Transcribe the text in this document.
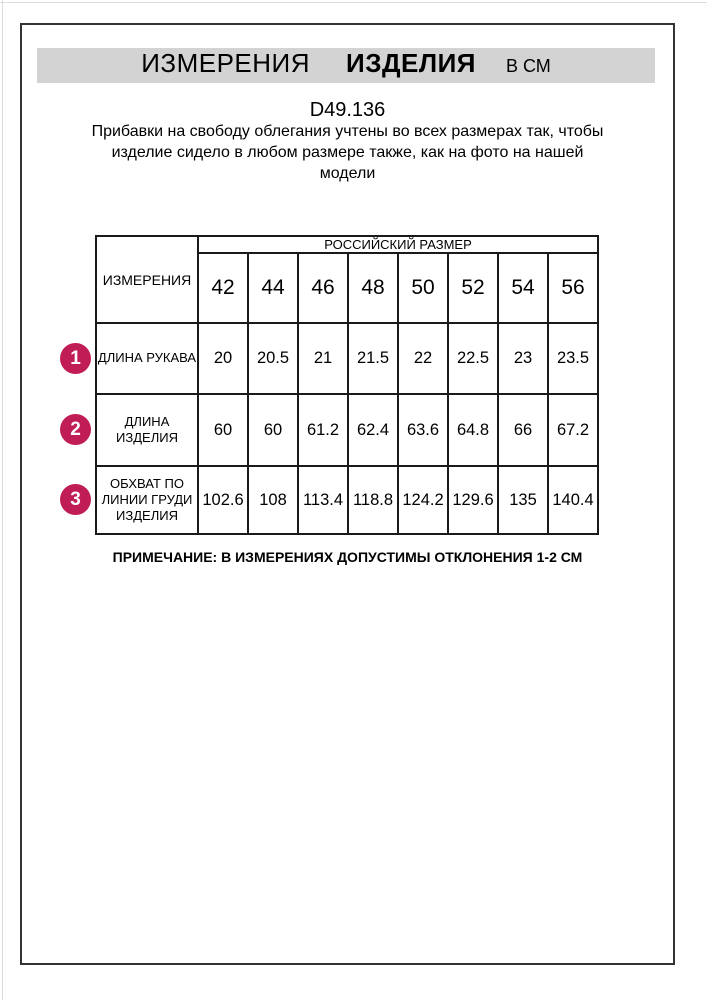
ИЗМЕРЕНИЯ ИЗДЕЛИЯ В СМ
D49.136

Прибавки на свободу облегания учтены во всех размерах так, чтобы изделие сидело в любом размере также, как на фото на нашей модели

1
2
3
ИЗМЕРЕНИЯ	РОССИЙСКИЙ РАЗМЕР							
	42	44	46	48	50	52	54	56

ДЛИНА РУКАВА	20	20.5	21	21.5	22	22.5	23	23.5

ДЛИНА
ИЗДЕЛИЯ	60	60	61.2	62.4	63.6	64.8	66	67.2

ОБХВАТ ПО
ЛИНИИ ГРУДИ
ИЗДЕЛИЯ	102.6	108	113.4	118.8	124.2	129.6	135	140.4
ПРИМЕЧАНИЕ: В ИЗМЕРЕНИЯХ ДОПУСТИМЫ ОТКЛОНЕНИЯ 1-2 СМ
